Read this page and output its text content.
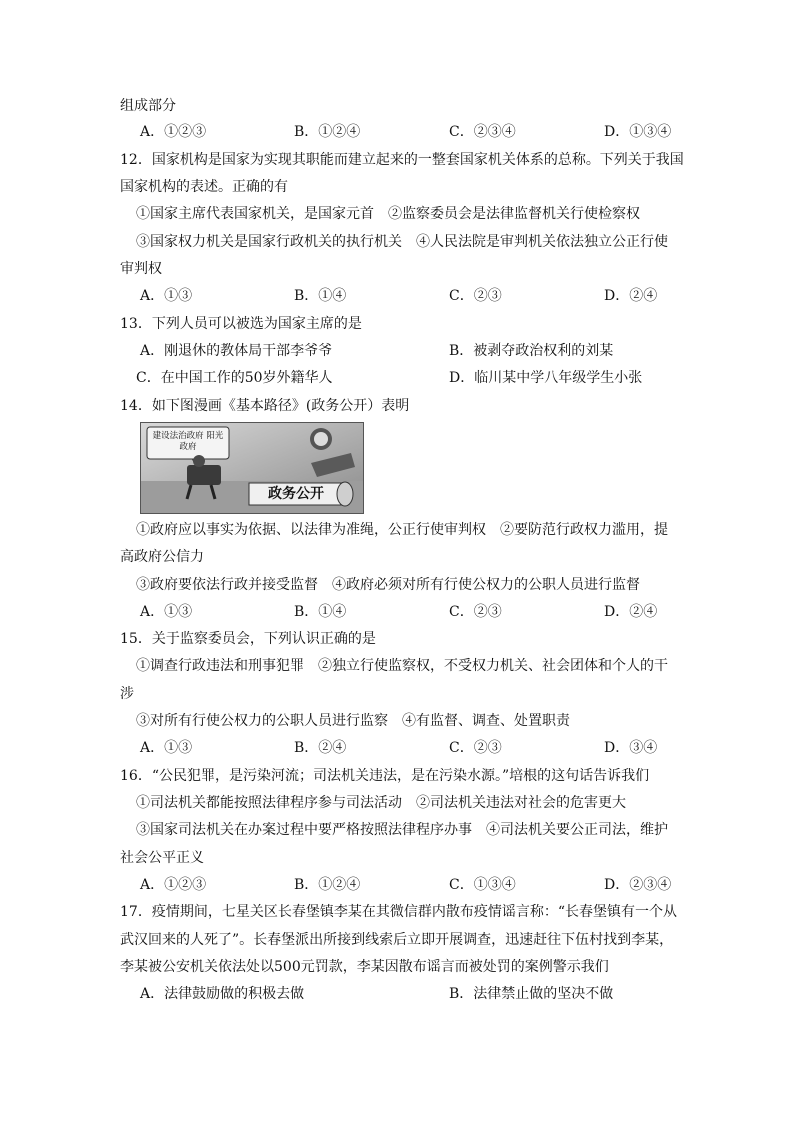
组成部分
A．①②③	B．①②④	C．②③④	D．①③④
12．国家机构是国家为实现其职能而建立起来的一整套国家机关体系的总称。下列关于我国
国家机构的表述。正确的有
①国家主席代表国家机关，是国家元首　②监察委员会是法律监督机关行使检察权
③国家权力机关是国家行政机关的执行机关　④人民法院是审判机关依法独立公正行使
审判权
A．①③	B．①④	C．②③	D．②④
13．下列人员可以被选为国家主席的是
A．刚退休的教体局干部李爷爷	B．被剥夺政治权利的刘某
C．在中国工作的50岁外籍华人	D．临川某中学八年级学生小张
14．如下图漫画《基本路径》(政务公开）表明
建设法治政府 阳光政府
政务公开
①政府应以事实为依据、以法律为准绳，公正行使审判权　②要防范行政权力滥用，提
高政府公信力
③政府要依法行政并接受监督　④政府必须对所有行使公权力的公职人员进行监督
A．①③	B．①④	C．②③	D．②④
15．关于监察委员会，下列认识正确的是
①调查行政违法和刑事犯罪　②独立行使监察权，不受权力机关、社会团体和个人的干
涉
③对所有行使公权力的公职人员进行监察　④有监督、调查、处置职责
A．①③	B．②④	C．②③	D．③④
16．“公民犯罪，是污染河流；司法机关违法，是在污染水源。”培根的这句话告诉我们
①司法机关都能按照法律程序参与司法活动　②司法机关违法对社会的危害更大
③国家司法机关在办案过程中要严格按照法律程序办事　④司法机关要公正司法，维护
社会公平正义
A．①②③	B．①②④	C．①③④	D．②③④
17．疫情期间，七星关区长春堡镇李某在其微信群内散布疫情谣言称：“长春堡镇有一个从
武汉回来的人死了”。长春堡派出所接到线索后立即开展调查，迅速赶往下伍村找到李某，
李某被公安机关依法处以500元罚款，李某因散布谣言而被处罚的案例警示我们
A．法律鼓励做的积极去做	B．法律禁止做的坚决不做
